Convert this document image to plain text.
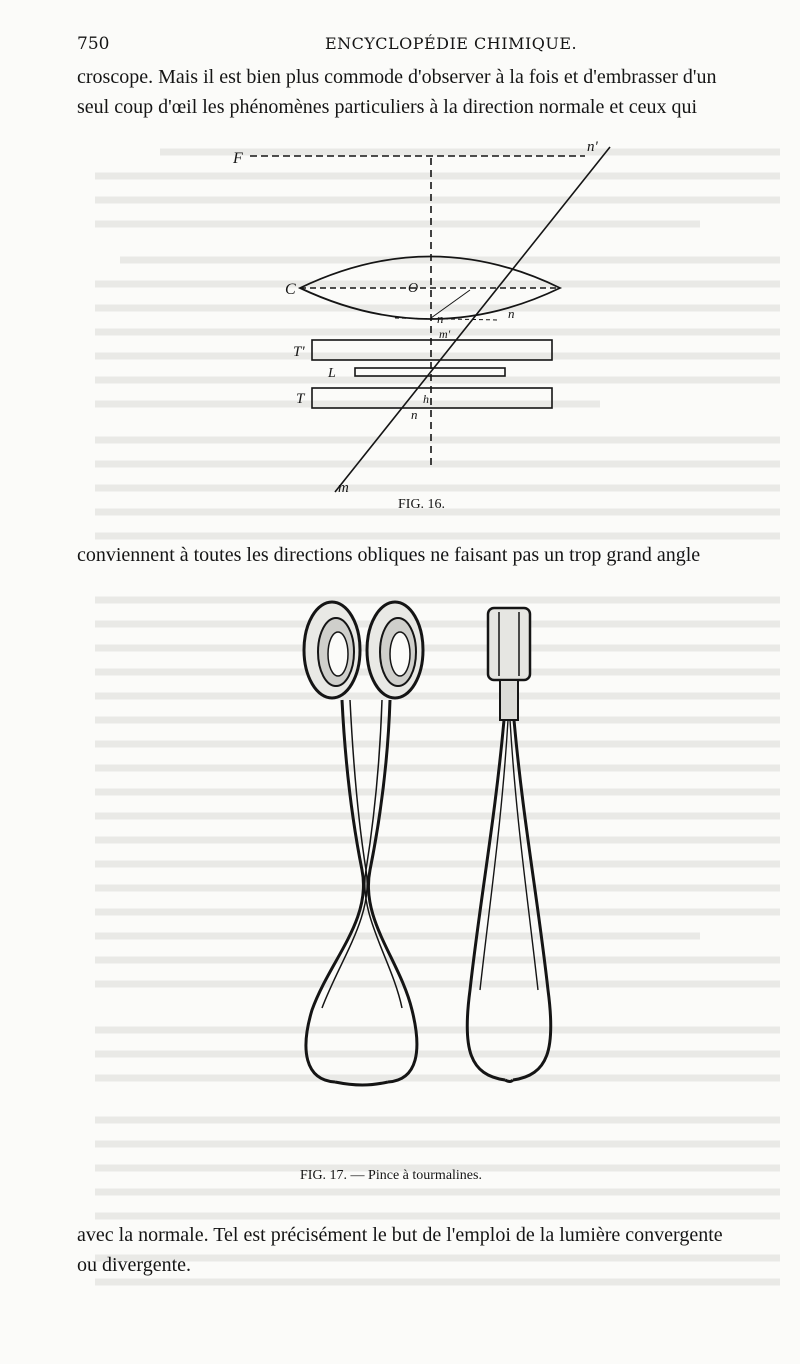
750	ENCYCLOPÉDIE CHIMIQUE.
croscope. Mais il est bien plus commode d'observer à la fois et d'embrasser d'un
seul coup d'œil les phénomènes particuliers à la direction normale et ceux qui
F
n'
C	O
n
n
m'
T'
L
T	h
n
m
FIG. 16.
conviennent à toutes les directions obliques ne faisant pas un trop grand angle
FIG. 17. — Pince à tourmalines.
avec la normale. Tel est précisément le but de l'emploi de la lumière convergente
ou divergente.
